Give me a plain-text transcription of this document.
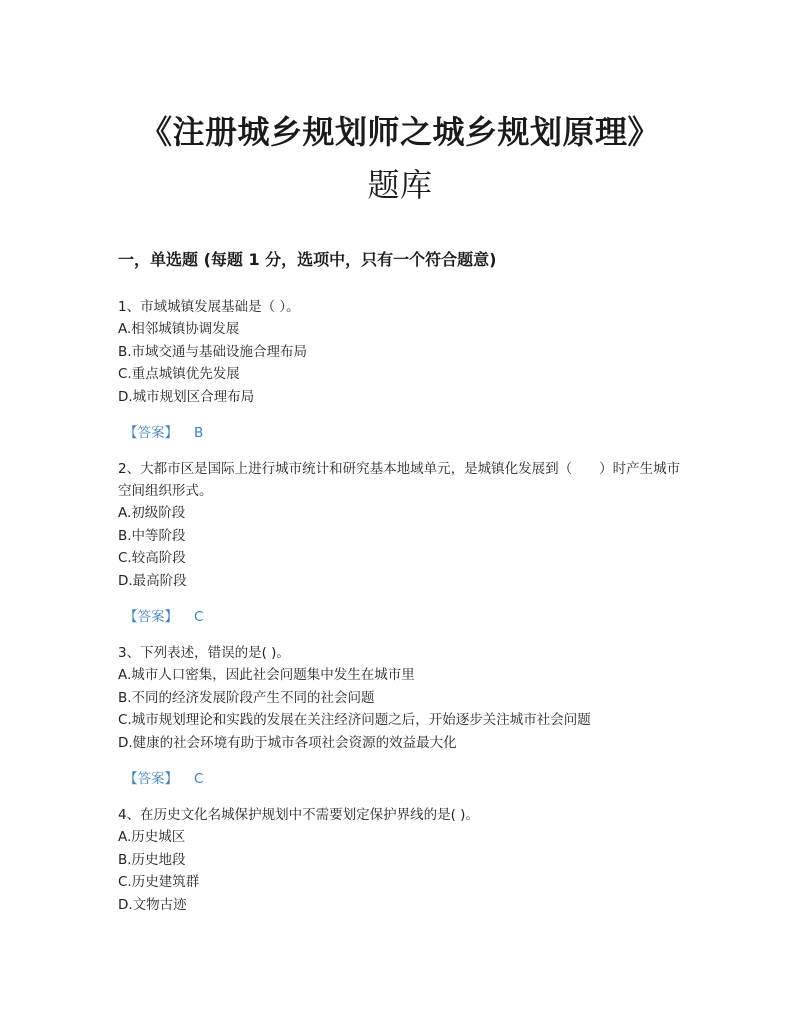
《注册城乡规划师之城乡规划原理》
题库
一，单选题 (每题 1 分，选项中，只有一个符合题意)
1、市域城镇发展基础是（ ）。
A.相邻城镇协调发展
B.市域交通与基础设施合理布局
C.重点城镇优先发展
D.城市规划区合理布局
【答案】 B
2、大都市区是国际上进行城市统计和研究基本地域单元，是城镇化发展到（　　）时产生城市空间组织形式。
A.初级阶段
B.中等阶段
C.较高阶段
D.最高阶段
【答案】 C
3、下列表述，错误的是( )。
A.城市人口密集，因此社会问题集中发生在城市里
B.不同的经济发展阶段产生不同的社会问题
C.城市规划理论和实践的发展在关注经济问题之后，开始逐步关注城市社会问题
D.健康的社会环境有助于城市各项社会资源的效益最大化
【答案】 C
4、在历史文化名城保护规划中不需要划定保护界线的是( )。
A.历史城区
B.历史地段
C.历史建筑群
D.文物古迹
